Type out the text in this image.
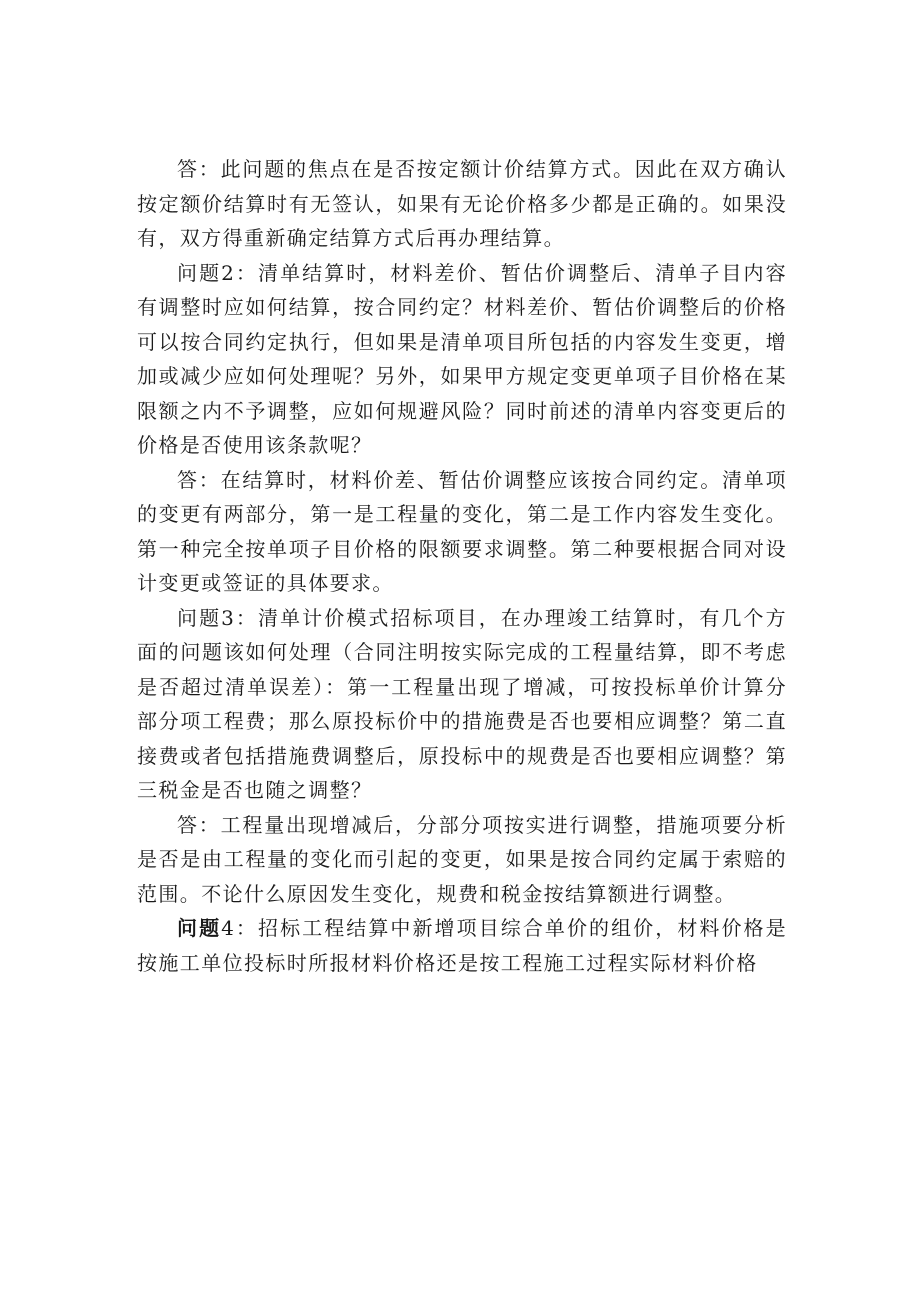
答：此问题的焦点在是否按定额计价结算方式。因此在双方确认按定额价结算时有无签认，如果有无论价格多少都是正确的。如果没有，双方得重新确定结算方式后再办理结算。

问题2：清单结算时，材料差价、暂估价调整后、清单子目内容有调整时应如何结算，按合同约定？材料差价、暂估价调整后的价格可以按合同约定执行，但如果是清单项目所包括的内容发生变更，增加或减少应如何处理呢？另外，如果甲方规定变更单项子目价格在某限额之内不予调整，应如何规避风险？同时前述的清单内容变更后的价格是否使用该条款呢？

答：在结算时，材料价差、暂估价调整应该按合同约定。清单项的变更有两部分，第一是工程量的变化，第二是工作内容发生变化。第一种完全按单项子目价格的限额要求调整。第二种要根据合同对设计变更或签证的具体要求。

问题3：清单计价模式招标项目，在办理竣工结算时，有几个方面的问题该如何处理（合同注明按实际完成的工程量结算，即不考虑是否超过清单误差）：第一工程量出现了增减，可按投标单价计算分部分项工程费；那么原投标价中的措施费是否也要相应调整？第二直接费或者包括措施费调整后，原投标中的规费是否也要相应调整？第三税金是否也随之调整？

答：工程量出现增减后，分部分项按实进行调整，措施项要分析是否是由工程量的变化而引起的变更，如果是按合同约定属于索赔的范围。不论什么原因发生变化，规费和税金按结算额进行调整。

问题4：招标工程结算中新增项目综合单价的组价，材料价格是按施工单位投标时所报材料价格还是按工程施工过程实际材料价格
